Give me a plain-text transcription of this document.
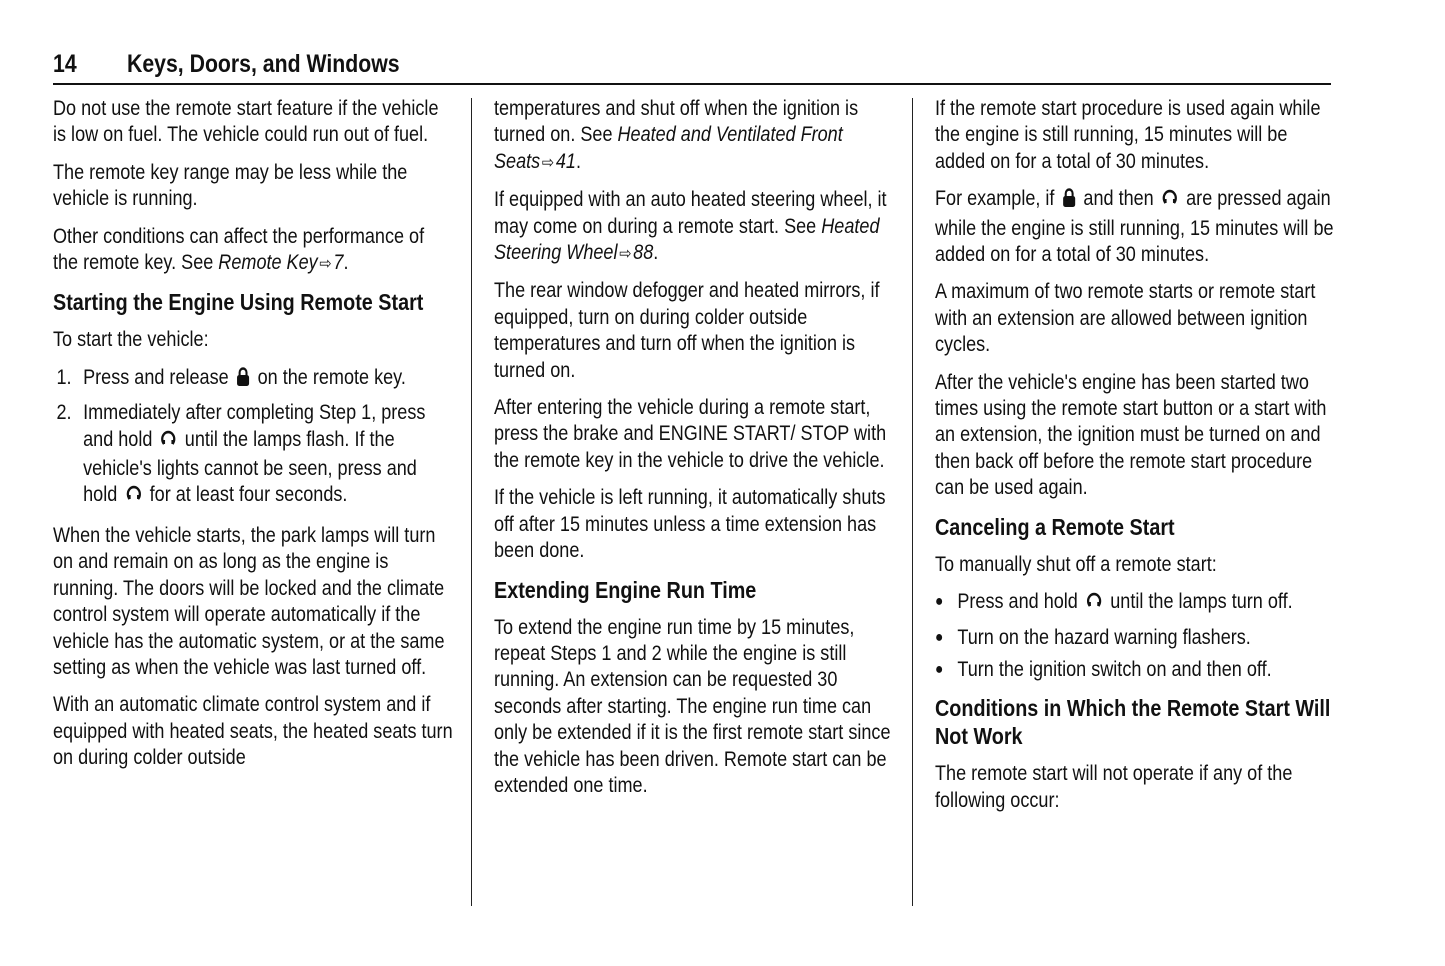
14 Keys, Doors, and Windows

Do not use the remote start feature if the vehicle is low on fuel. The vehicle could run out of fuel.

The remote key range may be less while the vehicle is running.

Other conditions can affect the performance of the remote key. See Remote Key ⇨7.

Starting the Engine Using Remote Start

To start the vehicle:

1. Press and release on the remote key.
2. Immediately after completing Step 1, press and hold until the lamps flash. If the vehicle's lights cannot be seen, press and hold for at least four seconds.

When the vehicle starts, the park lamps will turn on and remain on as long as the engine is running. The doors will be locked and the climate control system will operate automatically if the vehicle has the automatic system, or at the same setting as when the vehicle was last turned off.

With an automatic climate control system and if equipped with heated seats, the heated seats turn on during colder outside

temperatures and shut off when the ignition is turned on. See Heated and Ventilated Front Seats ⇨41.

If equipped with an auto heated steering wheel, it may come on during a remote start. See Heated Steering Wheel ⇨88.

The rear window defogger and heated mirrors, if equipped, turn on during colder outside temperatures and turn off when the ignition is turned on.

After entering the vehicle during a remote start, press the brake and ENGINE START/ STOP with the remote key in the vehicle to drive the vehicle.

If the vehicle is left running, it automatically shuts off after 15 minutes unless a time extension has been done.

Extending Engine Run Time

To extend the engine run time by 15 minutes, repeat Steps 1 and 2 while the engine is still running. An extension can be requested 30 seconds after starting. The engine run time can only be extended if it is the first remote start since the vehicle has been driven. Remote start can be extended one time.

If the remote start procedure is used again while the engine is still running, 15 minutes will be added on for a total of 30 minutes.

For example, if and then are pressed again while the engine is still running, 15 minutes will be added on for a total of 30 minutes.

A maximum of two remote starts or remote start with an extension are allowed between ignition cycles.

After the vehicle's engine has been started two times using the remote start button or a start with an extension, the ignition must be turned on and then back off before the remote start procedure can be used again.

Canceling a Remote Start

To manually shut off a remote start:

● Press and hold until the lamps turn off.
● Turn on the hazard warning flashers.
● Turn the ignition switch on and then off.
Conditions in Which the Remote Start Will Not Work

The remote start will not operate if any of the following occur:
